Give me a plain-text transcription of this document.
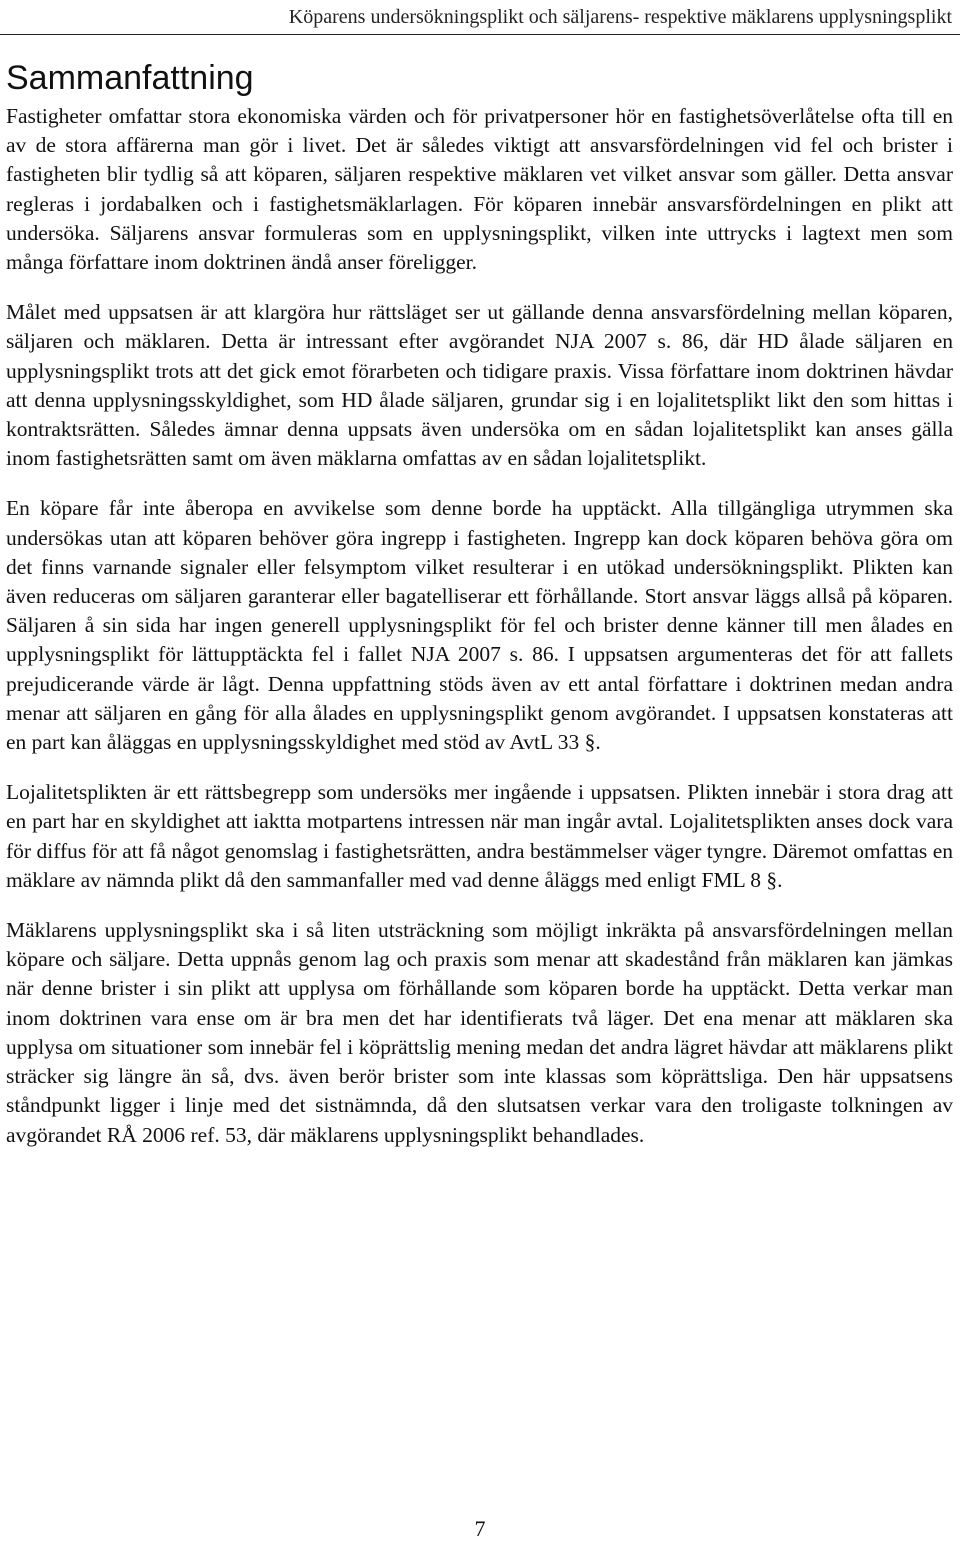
Köparens undersökningsplikt och säljarens- respektive mäklarens upplysningsplikt
Sammanfattning

Fastigheter omfattar stora ekonomiska värden och för privatpersoner hör en fastighetsöverlåtelse ofta till en av de stora affärerna man gör i livet. Det är således viktigt att ansvarsfördelningen vid fel och brister i fastigheten blir tydlig så att köparen, säljaren respektive mäklaren vet vilket ansvar som gäller. Detta ansvar regleras i jordabalken och i fastighetsmäklarlagen. För köparen innebär ansvarsfördelningen en plikt att undersöka. Säljarens ansvar formuleras som en upplysningsplikt, vilken inte uttrycks i lagtext men som många författare inom doktrinen ändå anser föreligger.

Målet med uppsatsen är att klargöra hur rättsläget ser ut gällande denna ansvarsfördelning mellan köparen, säljaren och mäklaren. Detta är intressant efter avgörandet NJA 2007 s. 86, där HD ålade säljaren en upplysningsplikt trots att det gick emot förarbeten och tidigare praxis. Vissa författare inom doktrinen hävdar att denna upplysningsskyldighet, som HD ålade säljaren, grundar sig i en lojalitetsplikt likt den som hittas i kontraktsrätten. Således ämnar denna uppsats även undersöka om en sådan lojalitetsplikt kan anses gälla inom fastighetsrätten samt om även mäklarna omfattas av en sådan lojalitetsplikt.

En köpare får inte åberopa en avvikelse som denne borde ha upptäckt. Alla tillgängliga utrymmen ska undersökas utan att köparen behöver göra ingrepp i fastigheten. Ingrepp kan dock köparen behöva göra om det finns varnande signaler eller felsymptom vilket resulterar i en utökad undersökningsplikt. Plikten kan även reduceras om säljaren garanterar eller bagatelliserar ett förhållande. Stort ansvar läggs allså på köparen. Säljaren å sin sida har ingen generell upplysningsplikt för fel och brister denne känner till men ålades en upplysningsplikt för lättupptäckta fel i fallet NJA 2007 s. 86. I uppsatsen argumenteras det för att fallets prejudicerande värde är lågt. Denna uppfattning stöds även av ett antal författare i doktrinen medan andra menar att säljaren en gång för alla ålades en upplysningsplikt genom avgörandet. I uppsatsen konstateras att en part kan åläggas en upplysningsskyldighet med stöd av AvtL 33 §.

Lojalitetsplikten är ett rättsbegrepp som undersöks mer ingående i uppsatsen. Plikten innebär i stora drag att en part har en skyldighet att iaktta motpartens intressen när man ingår avtal. Lojalitetsplikten anses dock vara för diffus för att få något genomslag i fastighetsrätten, andra bestämmelser väger tyngre. Däremot omfattas en mäklare av nämnda plikt då den sammanfaller med vad denne åläggs med enligt FML 8 §.

Mäklarens upplysningsplikt ska i så liten utsträckning som möjligt inkräkta på ansvarsfördelningen mellan köpare och säljare. Detta uppnås genom lag och praxis som menar att skadestånd från mäklaren kan jämkas när denne brister i sin plikt att upplysa om förhållande som köparen borde ha upptäckt. Detta verkar man inom doktrinen vara ense om är bra men det har identifierats två läger. Det ena menar att mäklaren ska upplysa om situationer som innebär fel i köprättslig mening medan det andra lägret hävdar att mäklarens plikt sträcker sig längre än så, dvs. även berör brister som inte klassas som köprättsliga. Den här uppsatsens ståndpunkt ligger i linje med det sistnämnda, då den slutsatsen verkar vara den troligaste tolkningen av avgörandet RÅ 2006 ref. 53, där mäklarens upplysningsplikt behandlades.

7
